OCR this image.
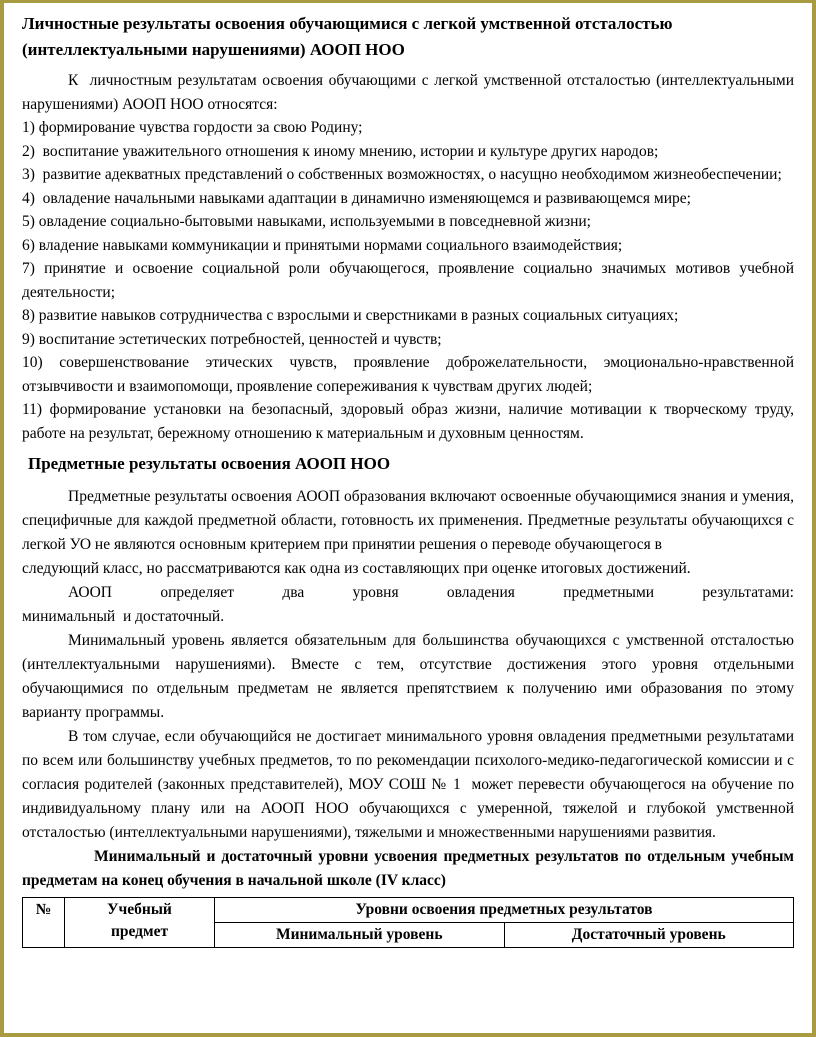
Личностные результаты освоения обучающимися с легкой умственной отсталостью (интеллектуальными нарушениями) АООП НОО

К  личностным результатам освоения обучающими с легкой умственной отсталостью (интеллектуальными нарушениями) АООП НОО относятся:

1) формирование чувства гордости за свою Родину;

2)  воспитание уважительного отношения к иному мнению, истории и культуре других народов;

3)  развитие адекватных представлений о собственных возможностях, о насущно необходимом жизнеобеспечении;

4)  овладение начальными навыками адаптации в динамично изменяющемся и развивающемся мире;

5) овладение социально-бытовыми навыками, используемыми в повседневной жизни;

6) владение навыками коммуникации и принятыми нормами социального взаимодействия;

7) принятие и освоение социальной роли обучающегося, проявление социально значимых мотивов учебной деятельности;

8) развитие навыков сотрудничества с взрослыми и сверстниками в разных социальных ситуациях;

9) воспитание эстетических потребностей, ценностей и чувств;

10) совершенствование этических чувств, проявление доброжелательности, эмоционально-нравственной отзывчивости и взаимопомощи, проявление сопереживания к чувствам других людей;

11) формирование установки на безопасный, здоровый образ жизни, наличие мотивации к творческому труду, работе на результат, бережному отношению к материальным и духовным ценностям.

Предметные результаты освоения АООП НОО

Предметные результаты освоения АООП образования включают освоенные обучающимися знания и умения, специфичные для каждой предметной области, готовность их применения. Предметные результаты обучающихся с легкой УО не являются основным критерием при принятии решения о переводе обучающегося в

следующий класс, но рассматриваются как одна из составляющих при оценке итоговых достижений.

АООП определяет два уровня овладения предметными результатами:

минимальный  и достаточный.

Минимальный уровень является обязательным для большинства обучающихся с умственной отсталостью (интеллектуальными нарушениями). Вместе с тем, отсутствие достижения этого уровня отдельными обучающимися по отдельным предметам не является препятствием к получению ими образования по этому варианту программы.

В том случае, если обучающийся не достигает минимального уровня овладения предметными результатами по всем или большинству учебных предметов, то по рекомендации психолого-медико-педагогической комиссии и с согласия родителей (законных представителей), МОУ СОШ № 1  может перевести обучающегося на обучение по индивидуальному плану или на АООП НОО обучающихся с умеренной, тяжелой и глубокой умственной отсталостью (интеллектуальными нарушениями), тяжелыми и множественными нарушениями развития.

Минимальный и достаточный уровни усвоения предметных результатов по отдельным учебным предметам на конец обучения в начальной школе (IV класс)

№	Учебный предмет	Уровни освоения предметных результатов	
		Минимальный уровень	Достаточный уровень
